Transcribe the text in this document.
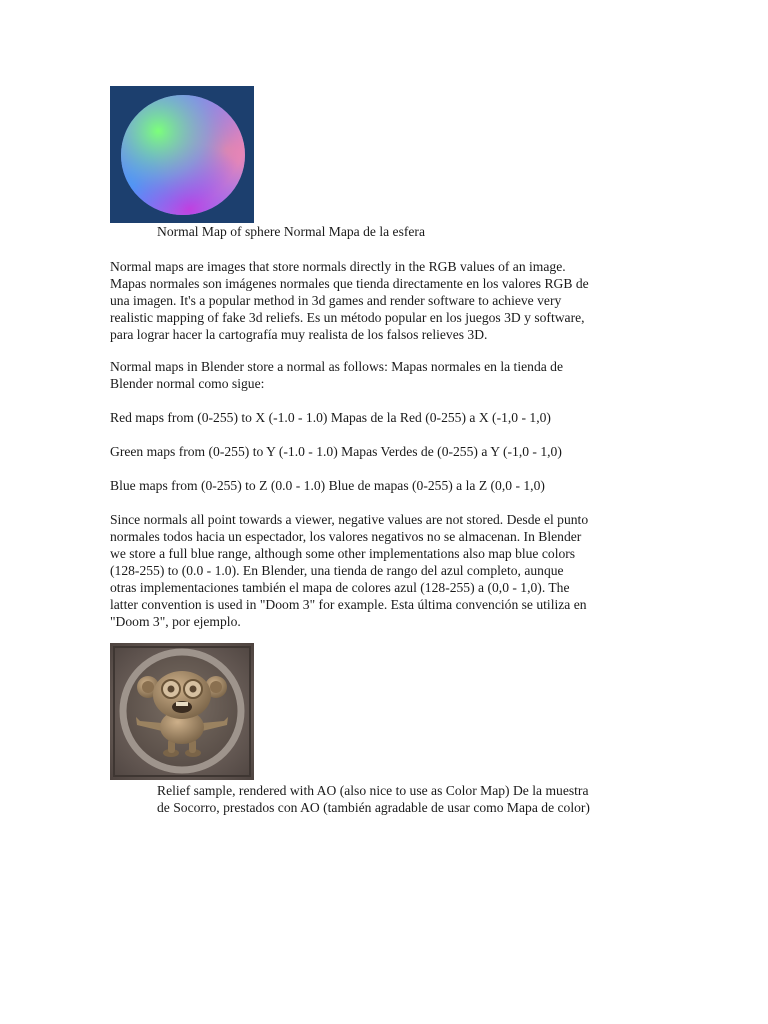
Normal Map of sphere Normal Mapa de la esfera
Normal maps are images that store normals directly in the RGB values of an image.
Mapas normales son imágenes normales que tienda directamente en los valores RGB de
una imagen. It's a popular method in 3d games and render software to achieve very
realistic mapping of fake 3d reliefs. Es un método popular en los juegos 3D y software,
para lograr hacer la cartografía muy realista de los falsos relieves 3D.
Normal maps in Blender store a normal as follows: Mapas normales en la tienda de
Blender normal como sigue:
Red maps from (0-255) to X (-1.0 - 1.0) Mapas de la Red (0-255) a X (-1,0 - 1,0)
Green maps from (0-255) to Y (-1.0 - 1.0) Mapas Verdes de (0-255) a Y (-1,0 - 1,0)
Blue maps from (0-255) to Z (0.0 - 1.0) Blue de mapas (0-255) a la Z (0,0 - 1,0)
Since normals all point towards a viewer, negative values are not stored. Desde el punto
normales todos hacia un espectador, los valores negativos no se almacenan. In Blender
we store a full blue range, although some other implementations also map blue colors
(128-255) to (0.0 - 1.0). En Blender, una tienda de rango del azul completo, aunque
otras implementaciones también el mapa de colores azul (128-255) a (0,0 - 1,0). The
latter convention is used in "Doom 3" for example. Esta última convención se utiliza en
"Doom 3", por ejemplo.
Relief sample, rendered with AO (also nice to use as Color Map) De la muestra
de Socorro, prestados con AO (también agradable de usar como Mapa de color)
